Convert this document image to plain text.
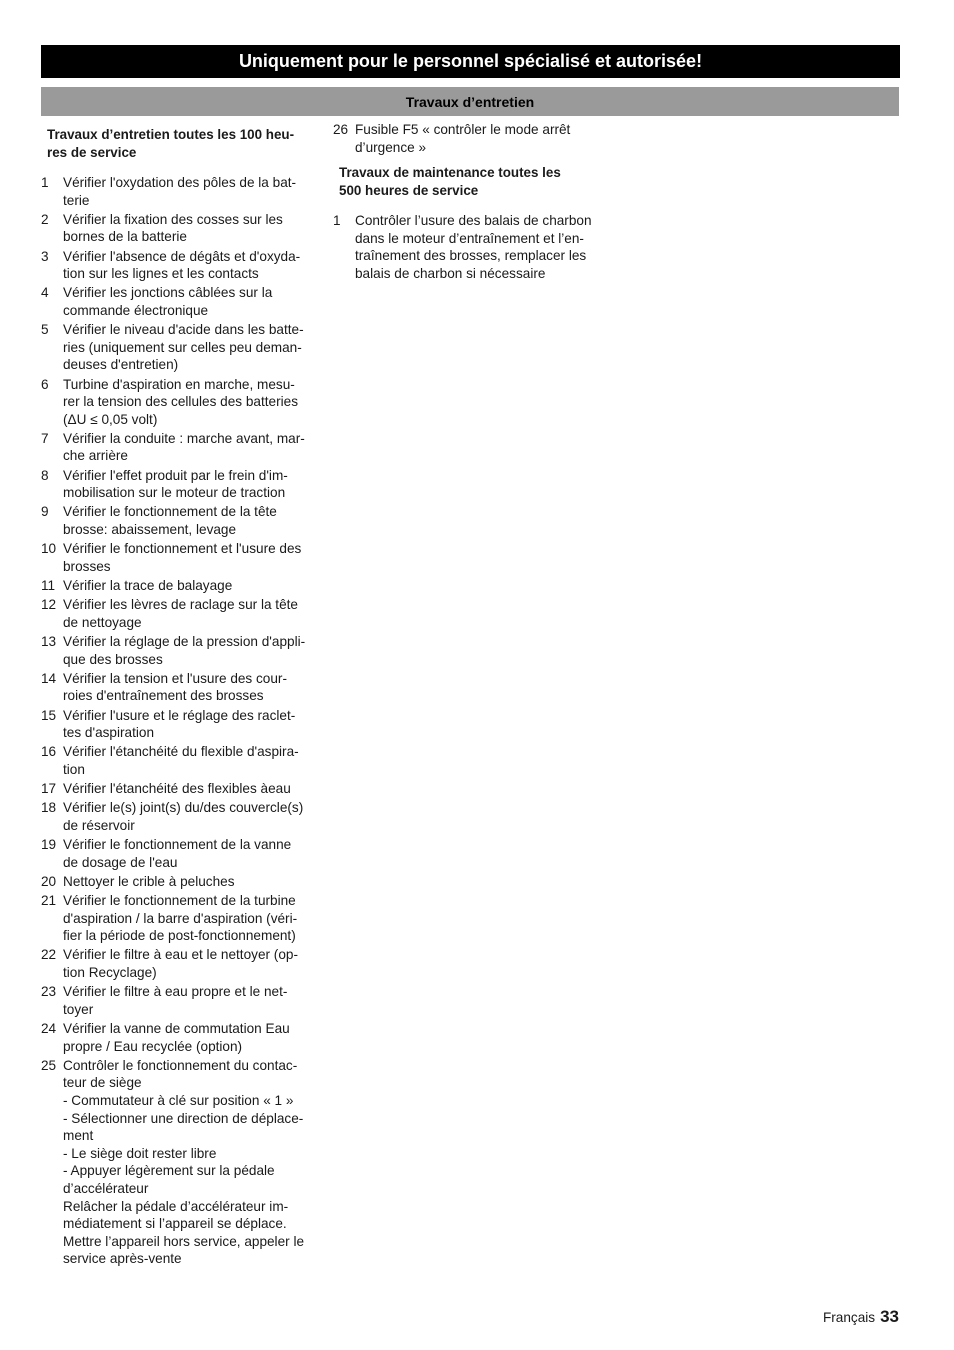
Uniquement pour le personnel spécialisé et autorisée!
Travaux d’entretien
Travaux d’entretien toutes les 100 heu-
res de service
1	Vérifier l'oxydation des pôles de la bat-
terie
2	Vérifier la fixation des cosses sur les
bornes de la batterie
3	Vérifier l'absence de dégâts et d'oxyda-
tion sur les lignes et les contacts
4	Vérifier les jonctions câblées sur la
commande électronique
5	Vérifier le niveau d'acide dans les batte-
ries (uniquement sur celles peu deman-
deuses d'entretien)
6	Turbine d'aspiration en marche, mesu-
rer la tension des cellules des batteries
(ΔU ≤ 0,05 volt)
7	Vérifier la conduite : marche avant, mar-
che arrière
8	Vérifier l'effet produit par le frein d'im-
mobilisation sur le moteur de traction
9	Vérifier le fonctionnement de la tête
brosse: abaissement, levage
10 Vérifier le fonctionnement et l'usure des
brosses
11 Vérifier la trace de balayage
12 Vérifier les lèvres de raclage sur la tête
de nettoyage
13 Vérifier la réglage de la pression d'appli-
que des brosses
14 Vérifier la tension et l'usure des cour-
roies d'entraînement des brosses
15 Vérifier l'usure et le réglage des raclet-
tes d'aspiration
16 Vérifier l'étanchéité du flexible d'aspira-
tion
17 Vérifier l'étanchéité des flexibles àeau
18 Vérifier le(s) joint(s) du/des couvercle(s)
de réservoir
19 Vérifier le fonctionnement de la vanne
de dosage de l'eau
20 Nettoyer le crible à peluches
21 Vérifier le fonctionnement de la turbine
d'aspiration / la barre d'aspiration (véri-
fier la période de post-fonctionnement)
22 Vérifier le filtre à eau et le nettoyer (op-
tion Recyclage)
23 Vérifier le filtre à eau propre et le net-
toyer
24 Vérifier la vanne de commutation Eau
propre / Eau recyclée (option)
25 Contrôler le fonctionnement du contac-
teur de siège
- Commutateur à clé sur position « 1 »
- Sélectionner une direction de déplace-
ment
- Le siège doit rester libre
- Appuyer légèrement sur la pédale
d’accélérateur
Relâcher la pédale d’accélérateur im-
médiatement si l’appareil se déplace.
Mettre l’appareil hors service, appeler le
service après-vente
26 Fusible F5 « contrôler le mode arrêt
d’urgence »
Travaux de maintenance toutes les
500 heures de service
1	Contrôler l’usure des balais de charbon
dans le moteur d’entraînement et l’en-
traînement des brosses, remplacer les
balais de charbon si nécessaire
Français 33
